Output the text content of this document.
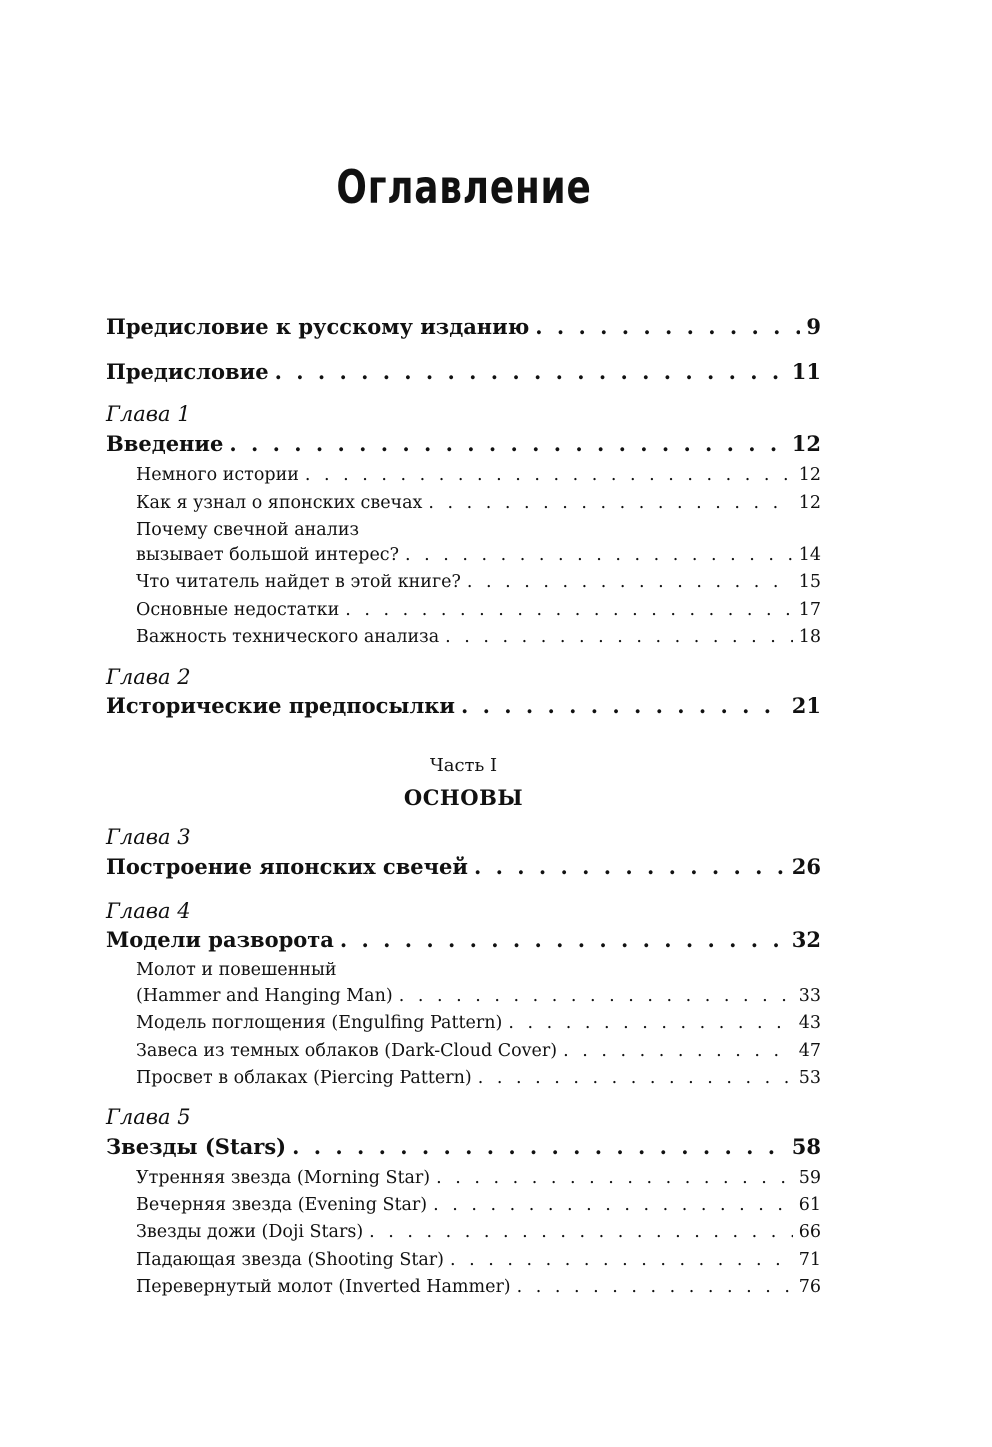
Оглавление
Предисловие к русскому изданию . . .	9
Предисловие . . .	11
Глава 1
Введение . . .	12
Немного истории . . .	12
Как я узнал о японских свечах . . .	12
Почему свечной анализ
вызывает большой интерес? . . .	14
Что читатель найдет в этой книге? . . .	15
Основные недостатки . . .	17
Важность технического анализа . . .	18
Глава 2
Исторические предпосылки . . .	21
Часть I
ОСНОВЫ
Глава 3
Построение японских свечей . . .	26
Глава 4
Модели разворота . . .	32
Молот и повешенный
(Hammer and Hanging Man) . . .	33
Модель поглощения (Engulfing Pattern) . . .	43
Завеса из темных облаков (Dark-Cloud Cover) . . .	47
Просвет в облаках (Piercing Pattern) . . .	53
Глава 5
Звезды (Stars) . . .	58
Утренняя звезда (Morning Star) . . .	59
Вечерняя звезда (Evening Star) . . .	61
Звезды дожи (Doji Stars) . . .	66
Падающая звезда (Shooting Star) . . .	71
Перевернутый молот (Inverted Hammer) . . .	76
